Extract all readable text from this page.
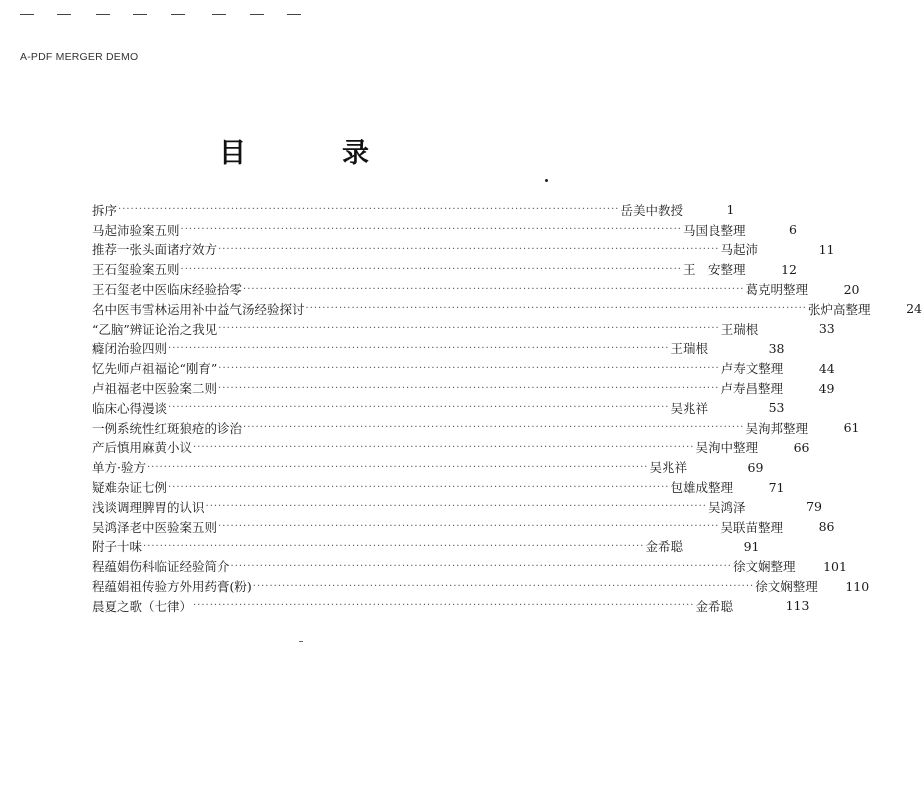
A-PDF MERGER DEMO
目	录
拆序 ························································································································ 岳美中教授	1
马起沛验案五则 ························································································································ 马国良整理	6
推荐一张头面诸疗效方 ························································································································ 马起沛	11
王石玺验案五则 ························································································································ 王　安整理	12
王石玺老中医临床经验拾零 ························································································································ 葛克明整理	20
名中医韦雪林运用补中益气汤经验探讨 ························································································································ 张炉高整理	24
“乙脑”辨证论治之我见 ························································································································ 王瑞根	33
癃闭治验四则 ························································································································ 王瑞根	38
忆先师卢祖福论“刚育” ························································································································ 卢寿文整理	44
卢祖福老中医验案二则 ························································································································ 卢寿昌整理	49
临床心得漫谈 ························································································································ 吴兆祥	53
一例系统性红斑狼疮的诊治 ························································································································ 吴洵邦整理	61
产后慎用麻黄小议 ························································································································ 吴洵中整理	66
单方·验方 ························································································································ 吴兆祥	69
疑难杂证七例 ························································································································ 包雄成整理	71
浅谈调理脾胃的认识 ························································································································ 吴鸿泽	79
吴鸿泽老中医验案五则 ························································································································ 吴联苗整理	86
附子十味 ························································································································ 金希聪	91
程蕴娟伤科临证经验简介 ························································································································ 徐文娴整理	101
程蕴娟祖传验方外用药膏(粉) ························································································································ 徐文娴整理	110
晨夏之歌（七律） ························································································································ 金希聪	113
